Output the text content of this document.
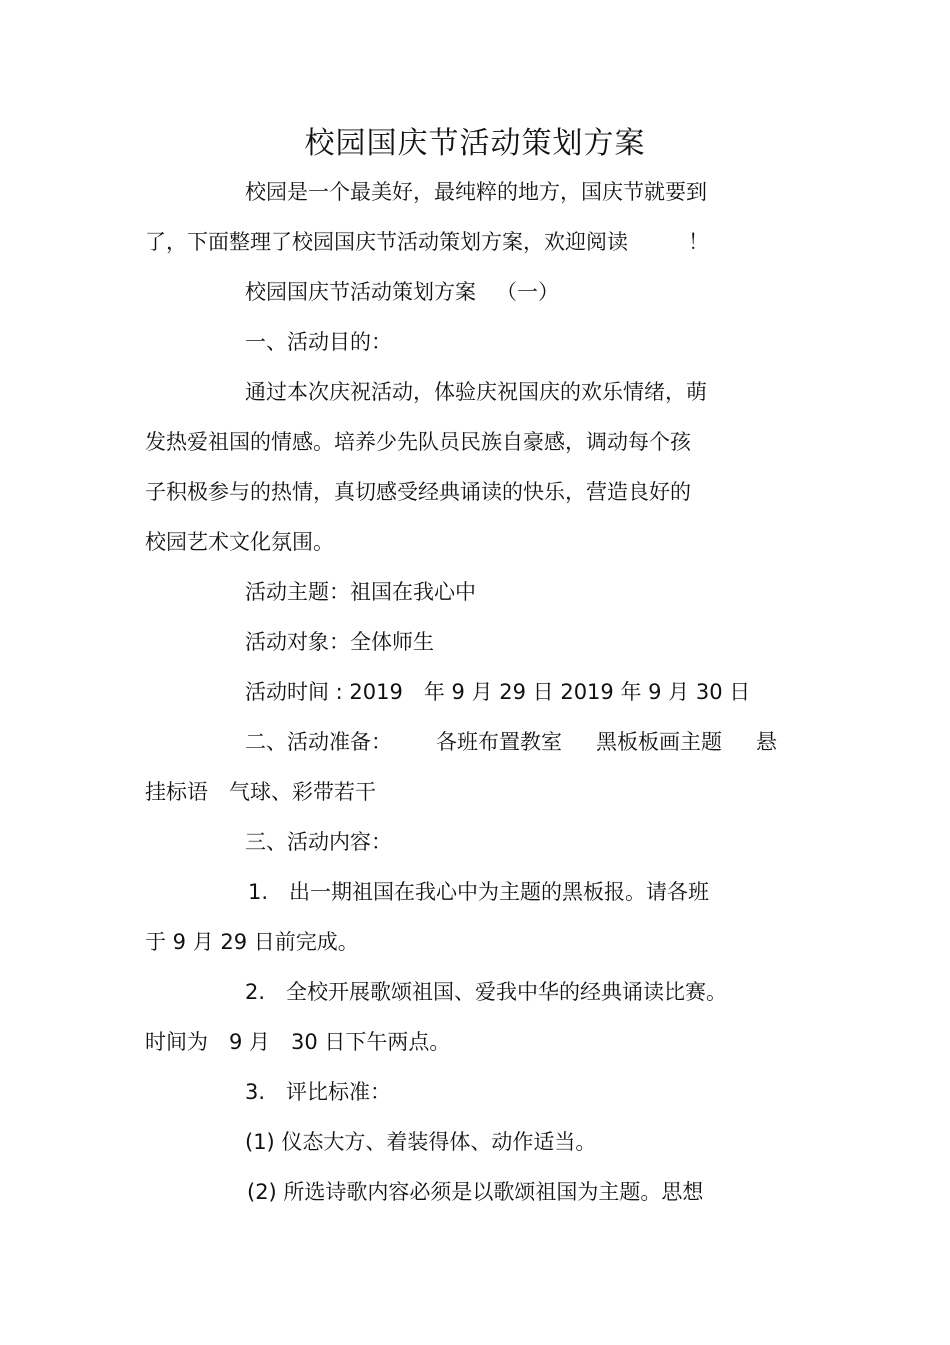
校园国庆节活动策划方案
校园是一个最美好，最纯粹的地方，国庆节就要到
了，下面整理了校园国庆节活动策划方案，欢迎阅读	！
校园国庆节活动策划方案 （一）
一、活动目的：
通过本次庆祝活动，体验庆祝国庆的欢乐情绪，萌
发热爱祖国的情感。培养少先队员民族自豪感，调动每个孩
子积极参与的热情，真切感受经典诵读的快乐，营造良好的
校园艺术文化氛围。
活动主题：祖国在我心中
活动对象：全体师生
活动时间 : 2019　年 9 月 29 日 2019 年 9 月 30 日
二、活动准备： 各班布置教室 黑板板画主题 悬
挂标语　气球、彩带若干
三、活动内容：
1.　出一期祖国在我心中为主题的黑板报。请各班
于 9 月 29 日前完成。
2.　全校开展歌颂祖国、爱我中华的经典诵读比赛。
时间为　9 月　30 日下午两点。
3.　评比标准：
(1) 仪态大方、着装得体、动作适当。
(2) 所选诗歌内容必须是以歌颂祖国为主题。思想
